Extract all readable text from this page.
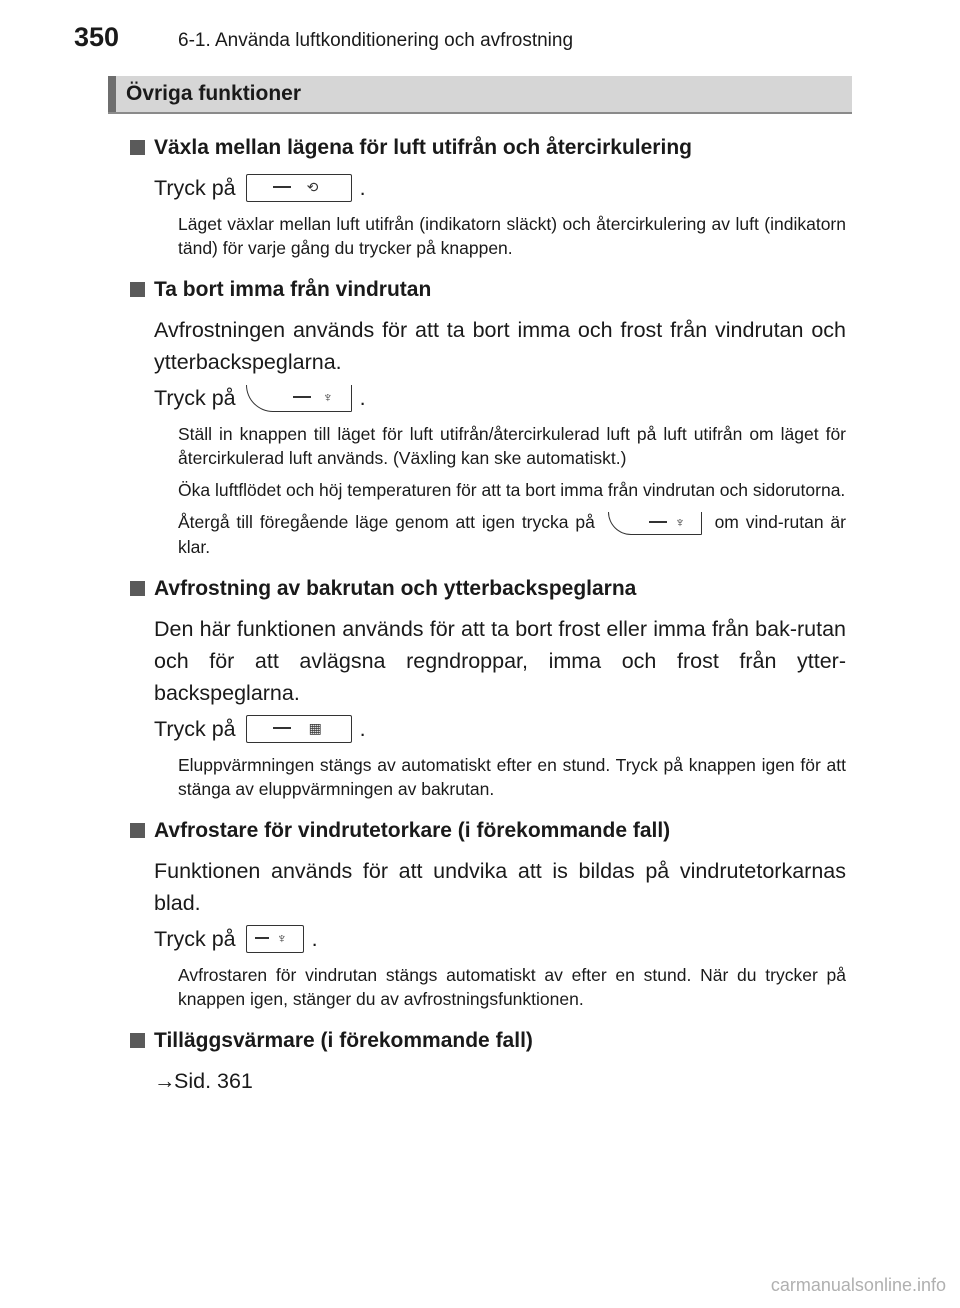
350	6-1. Använda luftkonditionering och avfrostning
Övriga funktioner
Växla mellan lägena för luft utifrån och återcirkulering
Tryck på	⟲ .
Läget växlar mellan luft utifrån (indikatorn släckt) och återcirkulering av luft (indikatorn tänd) för varje gång du trycker på knappen.
Ta bort imma från vindrutan
Avfrostningen används för att ta bort imma och frost från vindrutan och ytterbackspeglarna.
Tryck på	♆ .
Ställ in knappen till läget för luft utifrån/återcirkulerad luft på luft utifrån om läget för återcirkulerad luft används. (Växling kan ske automatiskt.)
Öka luftflödet och höj temperaturen för att ta bort imma från vindrutan och sidorutorna.
Återgå till föregående läge genom att igen trycka på	♆ om vind-rutan är klar.
Avfrostning av bakrutan och ytterbackspeglarna
Den här funktionen används för att ta bort frost eller imma från bak-rutan och för att avlägsna regndroppar, imma och frost från ytter-backspeglarna.
Tryck på	▦ .
Eluppvärmningen stängs av automatiskt efter en stund. Tryck på knappen igen för att stänga av eluppvärmningen av bakrutan.
Avfrostare för vindrutetorkare (i förekommande fall)
Funktionen används för att undvika att is bildas på vindrutetorkarnas blad.
Tryck på	♆ .
Avfrostaren för vindrutan stängs automatiskt av efter en stund. När du trycker på knappen igen, stänger du av avfrostningsfunktionen.
Tilläggsvärmare (i förekommande fall)
→Sid. 361
carmanualsonline.info
